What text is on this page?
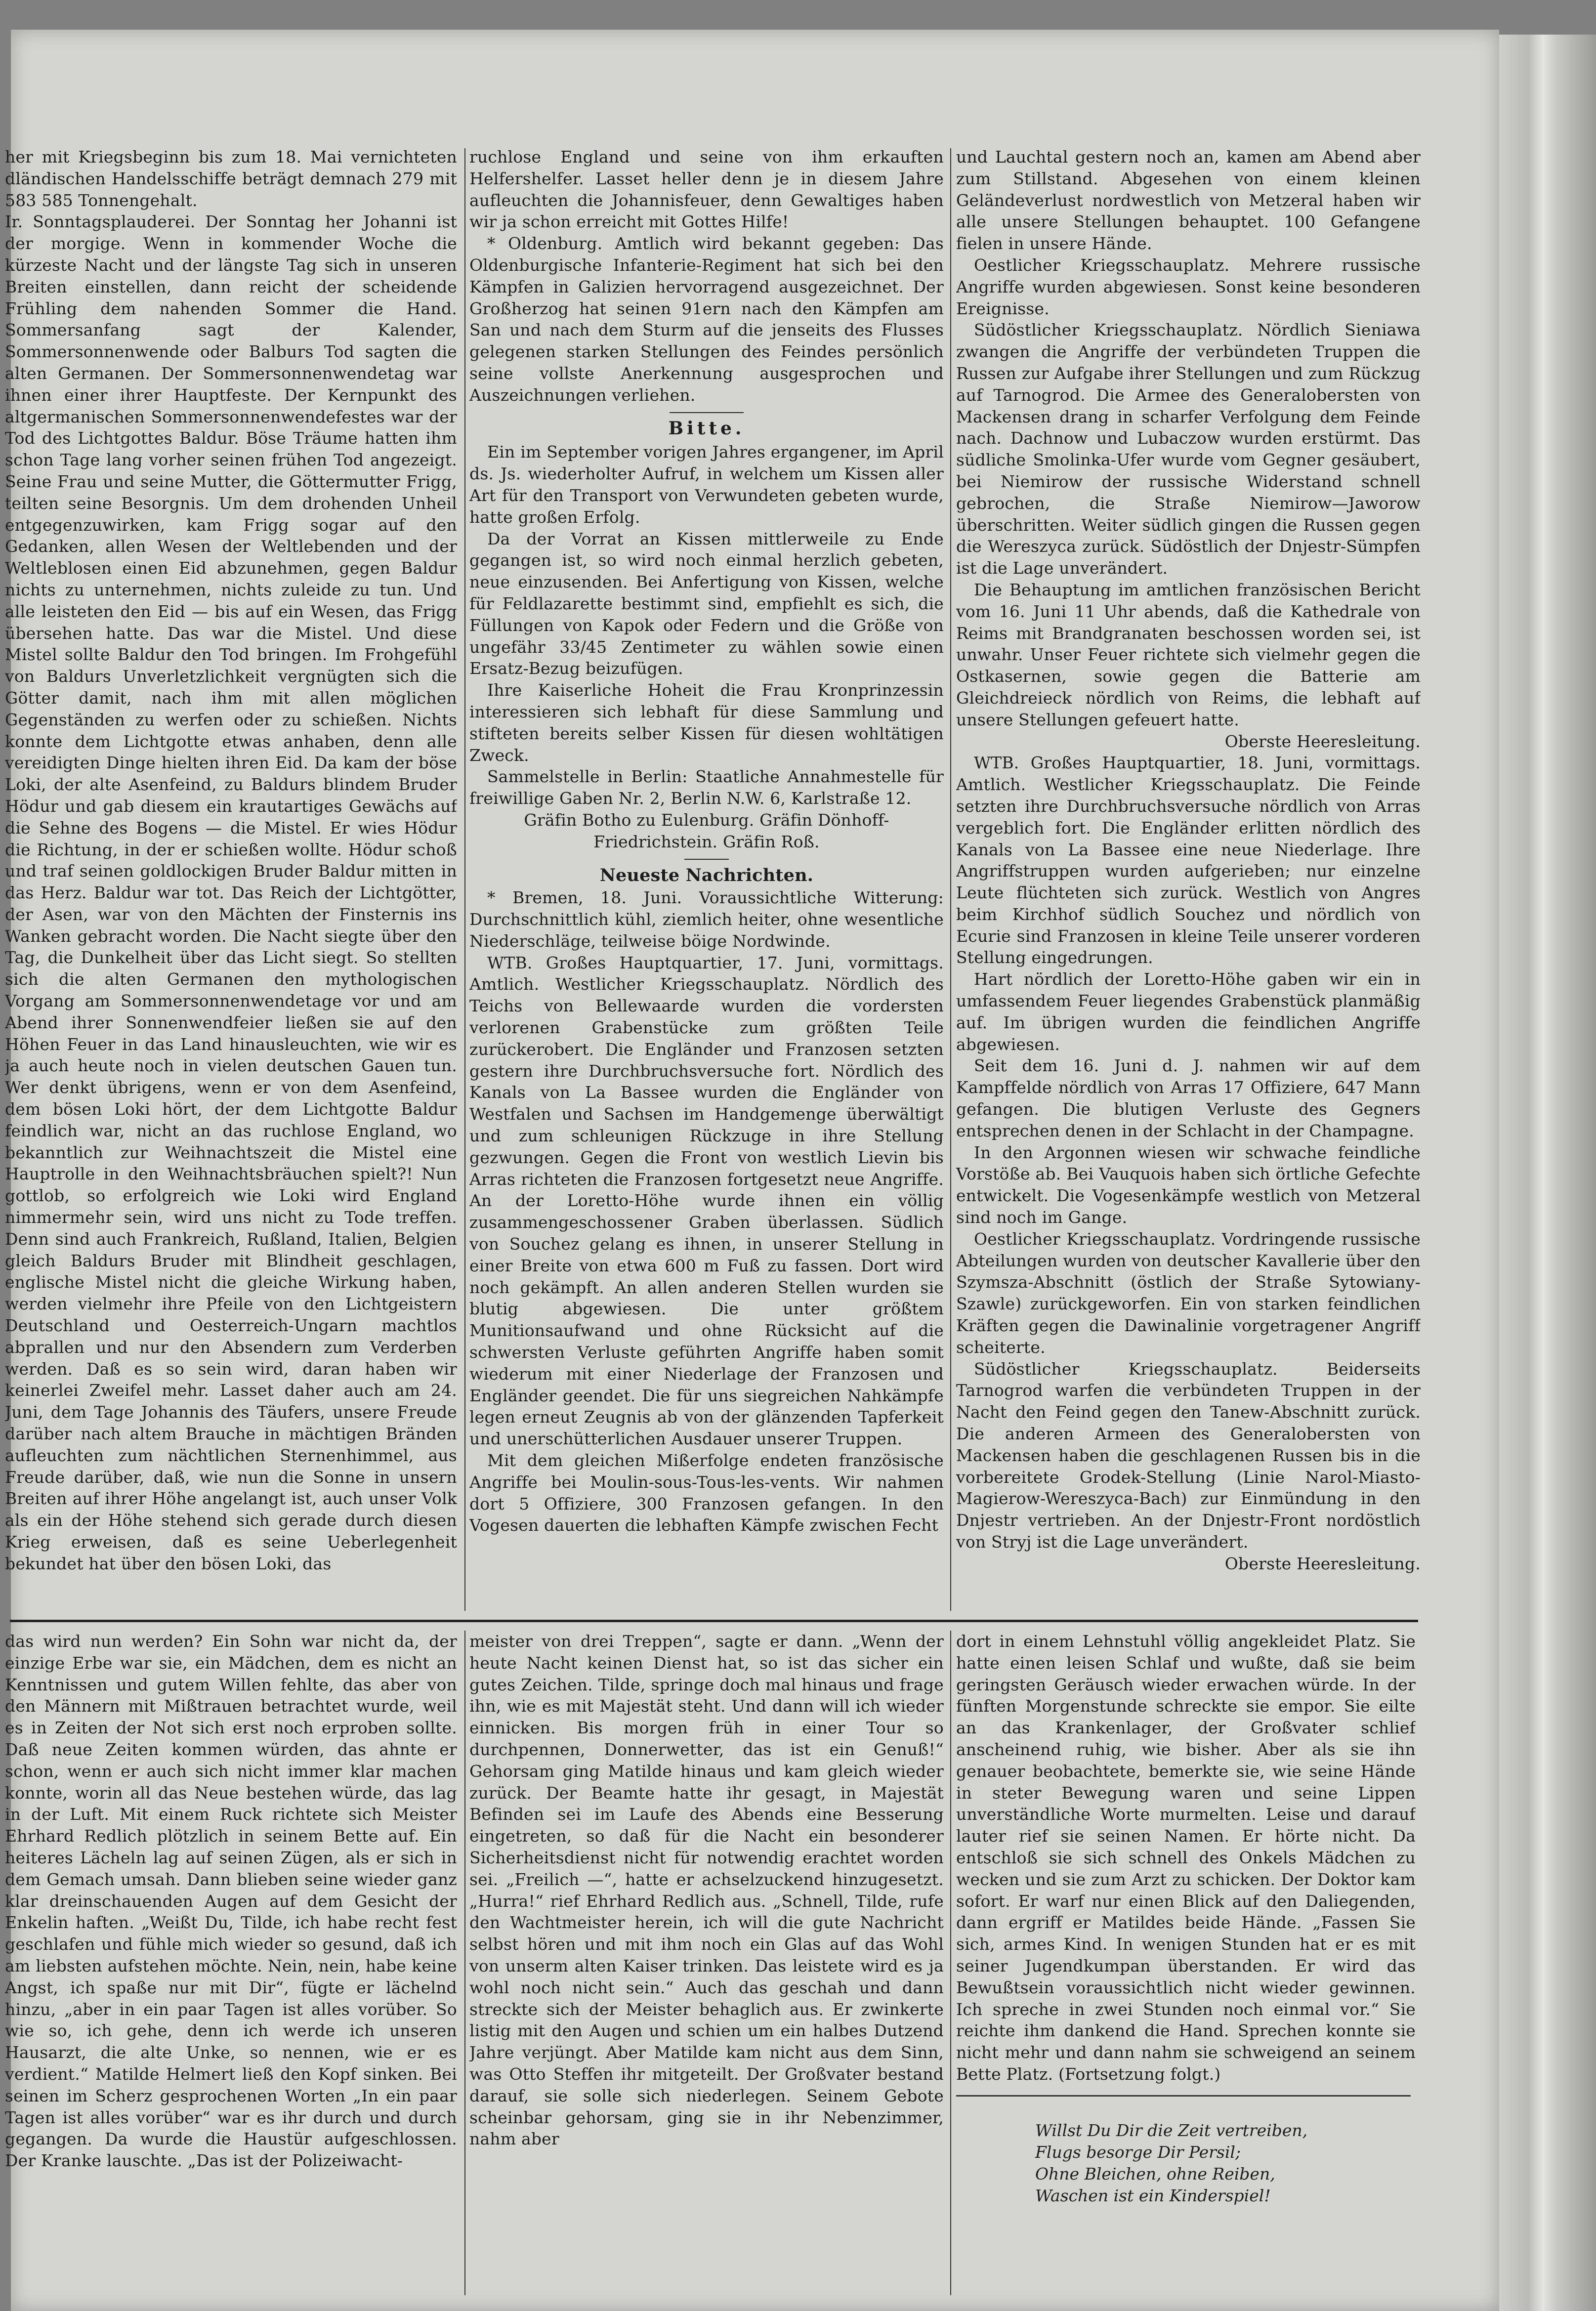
her mit Kriegsbeginn bis zum 18. Mai vernichteten dländischen Handelsschiffe beträgt demnach 279 mit 583 585 Tonnengehalt.

Ir. Sonntagsplauderei. Der Sonntag her Johanni ist der morgige. Wenn in kommender Woche die kürzeste Nacht und der längste Tag sich in unseren Breiten einstellen, dann reicht der scheidende Frühling dem nahenden Sommer die Hand. Sommersanfang sagt der Kalender, Sommersonnenwende oder Balburs Tod sagten die alten Germanen. Der Sommersonnenwendetag war ihnen einer ihrer Hauptfeste. Der Kernpunkt des altgermanischen Sommersonnenwendefestes war der Tod des Lichtgottes Baldur. Böse Träume hatten ihm schon Tage lang vorher seinen frühen Tod angezeigt. Seine Frau und seine Mutter, die Göttermutter Frigg, teilten seine Besorgnis. Um dem drohenden Unheil entgegenzuwirken, kam Frigg sogar auf den Gedanken, allen Wesen der Weltlebenden und der Weltleblosen einen Eid abzunehmen, gegen Baldur nichts zu unternehmen, nichts zuleide zu tun. Und alle leisteten den Eid — bis auf ein Wesen, das Frigg übersehen hatte. Das war die Mistel. Und diese Mistel sollte Baldur den Tod bringen. Im Frohgefühl von Baldurs Unverletzlichkeit vergnügten sich die Götter damit, nach ihm mit allen möglichen Gegenständen zu werfen oder zu schießen. Nichts konnte dem Lichtgotte etwas anhaben, denn alle vereidigten Dinge hielten ihren Eid. Da kam der böse Loki, der alte Asenfeind, zu Baldurs blindem Bruder Hödur und gab diesem ein krautartiges Gewächs auf die Sehne des Bogens — die Mistel. Er wies Hödur die Richtung, in der er schießen wollte. Hödur schoß und traf seinen goldlockigen Bruder Baldur mitten in das Herz. Baldur war tot. Das Reich der Lichtgötter, der Asen, war von den Mächten der Finsternis ins Wanken gebracht worden. Die Nacht siegte über den Tag, die Dunkelheit über das Licht siegt. So stellten sich die alten Germanen den mythologischen Vorgang am Sommersonnenwendetage vor und am Abend ihrer Sonnenwendfeier ließen sie auf den Höhen Feuer in das Land hinausleuchten, wie wir es ja auch heute noch in vielen deutschen Gauen tun. Wer denkt übrigens, wenn er von dem Asenfeind, dem bösen Loki hört, der dem Lichtgotte Baldur feindlich war, nicht an das ruchlose England, wo bekanntlich zur Weihnachtszeit die Mistel eine Hauptrolle in den Weihnachtsbräuchen spielt?! Nun gottlob, so erfolgreich wie Loki wird England nimmermehr sein, wird uns nicht zu Tode treffen. Denn sind auch Frankreich, Rußland, Italien, Belgien gleich Baldurs Bruder mit Blindheit geschlagen, englische Mistel nicht die gleiche Wirkung haben, werden vielmehr ihre Pfeile von den Lichtgeistern Deutschland und Oesterreich-Ungarn machtlos abprallen und nur den Absendern zum Verderben werden. Daß es so sein wird, daran haben wir keinerlei Zweifel mehr. Lasset daher auch am 24. Juni, dem Tage Johannis des Täufers, unsere Freude darüber nach altem Brauche in mächtigen Bränden aufleuchten zum nächtlichen Sternenhimmel, aus Freude darüber, daß, wie nun die Sonne in unsern Breiten auf ihrer Höhe angelangt ist, auch unser Volk als ein der Höhe stehend sich gerade durch diesen Krieg erweisen, daß es seine Ueberlegenheit bekundet hat über den bösen Loki, das

ruchlose England und seine von ihm erkauften Helfershelfer. Lasset heller denn je in diesem Jahre aufleuchten die Johannisfeuer, denn Gewaltiges haben wir ja schon erreicht mit Gottes Hilfe!

* Oldenburg. Amtlich wird bekannt gegeben: Das Oldenburgische Infanterie-Regiment hat sich bei den Kämpfen in Galizien hervorragend ausgezeichnet. Der Großherzog hat seinen 91ern nach den Kämpfen am San und nach dem Sturm auf die jenseits des Flusses gelegenen starken Stellungen des Feindes persönlich seine vollste Anerkennung ausgesprochen und Auszeichnungen verliehen.

Bitte.

Ein im September vorigen Jahres ergangener, im April ds. Js. wiederholter Aufruf, in welchem um Kissen aller Art für den Transport von Verwundeten gebeten wurde, hatte großen Erfolg.

Da der Vorrat an Kissen mittlerweile zu Ende gegangen ist, so wird noch einmal herzlich gebeten, neue einzusenden. Bei Anfertigung von Kissen, welche für Feldlazarette bestimmt sind, empfiehlt es sich, die Füllungen von Kapok oder Federn und die Größe von ungefähr 33/45 Zentimeter zu wählen sowie einen Ersatz-Bezug beizufügen.

Ihre Kaiserliche Hoheit die Frau Kronprinzessin interessieren sich lebhaft für diese Sammlung und stifteten bereits selber Kissen für diesen wohltätigen Zweck.

Sammelstelle in Berlin: Staatliche Annahmestelle für freiwillige Gaben Nr. 2, Berlin N.W. 6, Karlstraße 12.

Gräfin Botho zu Eulenburg. Gräfin Dönhoff-Friedrichstein. Gräfin Roß.

Neueste Nachrichten.

* Bremen, 18. Juni. Voraussichtliche Witterung: Durchschnittlich kühl, ziemlich heiter, ohne wesentliche Niederschläge, teilweise böige Nordwinde.

WTB. Großes Hauptquartier, 17. Juni, vormittags. Amtlich. Westlicher Kriegsschauplatz. Nördlich des Teichs von Bellewaarde wurden die vordersten verlorenen Grabenstücke zum größten Teile zurückerobert. Die Engländer und Franzosen setzten gestern ihre Durchbruchsversuche fort. Nördlich des Kanals von La Bassee wurden die Engländer von Westfalen und Sachsen im Handgemenge überwältigt und zum schleunigen Rückzuge in ihre Stellung gezwungen. Gegen die Front von westlich Lievin bis Arras richteten die Franzosen fortgesetzt neue Angriffe. An der Loretto-Höhe wurde ihnen ein völlig zusammengeschossener Graben überlassen. Südlich von Souchez gelang es ihnen, in unserer Stellung in einer Breite von etwa 600 m Fuß zu fassen. Dort wird noch gekämpft. An allen anderen Stellen wurden sie blutig abgewiesen. Die unter größtem Munitionsaufwand und ohne Rücksicht auf die schwersten Verluste geführten Angriffe haben somit wiederum mit einer Niederlage der Franzosen und Engländer geendet. Die für uns siegreichen Nahkämpfe legen erneut Zeugnis ab von der glänzenden Tapferkeit und unerschütterlichen Ausdauer unserer Truppen.

Mit dem gleichen Mißerfolge endeten französische Angriffe bei Moulin-sous-Tous-les-vents. Wir nahmen dort 5 Offiziere, 300 Franzosen gefangen. In den Vogesen dauerten die lebhaften Kämpfe zwischen Fecht

und Lauchtal gestern noch an, kamen am Abend aber zum Stillstand. Abgesehen von einem kleinen Geländeverlust nordwestlich von Metzeral haben wir alle unsere Stellungen behauptet. 100 Gefangene fielen in unsere Hände.

Oestlicher Kriegsschauplatz. Mehrere russische Angriffe wurden abgewiesen. Sonst keine besonderen Ereignisse.

Südöstlicher Kriegsschauplatz. Nördlich Sieniawa zwangen die Angriffe der verbündeten Truppen die Russen zur Aufgabe ihrer Stellungen und zum Rückzug auf Tarnogrod. Die Armee des Generalobersten von Mackensen drang in scharfer Verfolgung dem Feinde nach. Dachnow und Lubaczow wurden erstürmt. Das südliche Smolinka-Ufer wurde vom Gegner gesäubert, bei Niemirow der russische Widerstand schnell gebrochen, die Straße Niemirow—Jaworow überschritten. Weiter südlich gingen die Russen gegen die Wereszyca zurück. Südöstlich der Dnjestr-Sümpfen ist die Lage unverändert.

Die Behauptung im amtlichen französischen Bericht vom 16. Juni 11 Uhr abends, daß die Kathedrale von Reims mit Brandgranaten beschossen worden sei, ist unwahr. Unser Feuer richtete sich vielmehr gegen die Ostkasernen, sowie gegen die Batterie am Gleichdreieck nördlich von Reims, die lebhaft auf unsere Stellungen gefeuert hatte.

Oberste Heeresleitung.

WTB. Großes Hauptquartier, 18. Juni, vormittags. Amtlich. Westlicher Kriegsschauplatz. Die Feinde setzten ihre Durchbruchsversuche nördlich von Arras vergeblich fort. Die Engländer erlitten nördlich des Kanals von La Bassee eine neue Niederlage. Ihre Angriffstruppen wurden aufgerieben; nur einzelne Leute flüchteten sich zurück. Westlich von Angres beim Kirchhof südlich Souchez und nördlich von Ecurie sind Franzosen in kleine Teile unserer vorderen Stellung eingedrungen.

Hart nördlich der Loretto-Höhe gaben wir ein in umfassendem Feuer liegendes Grabenstück planmäßig auf. Im übrigen wurden die feindlichen Angriffe abgewiesen.

Seit dem 16. Juni d. J. nahmen wir auf dem Kampffelde nördlich von Arras 17 Offiziere, 647 Mann gefangen. Die blutigen Verluste des Gegners entsprechen denen in der Schlacht in der Champagne.

In den Argonnen wiesen wir schwache feindliche Vorstöße ab. Bei Vauquois haben sich örtliche Gefechte entwickelt. Die Vogesenkämpfe westlich von Metzeral sind noch im Gange.

Oestlicher Kriegsschauplatz. Vordringende russische Abteilungen wurden von deutscher Kavallerie über den Szymsza-Abschnitt (östlich der Straße Sytowiany-Szawle) zurückgeworfen. Ein von starken feindlichen Kräften gegen die Dawinalinie vorgetragener Angriff scheiterte.

Südöstlicher Kriegsschauplatz. Beiderseits Tarnogrod warfen die verbündeten Truppen in der Nacht den Feind gegen den Tanew-Abschnitt zurück. Die anderen Armeen des Generalobersten von Mackensen haben die geschlagenen Russen bis in die vorbereitete Grodek-Stellung (Linie Narol-Miasto-Magierow-Wereszyca-Bach) zur Einmündung in den Dnjestr vertrieben. An der Dnjestr-Front nordöstlich von Stryj ist die Lage unverändert.

Oberste Heeresleitung.

das wird nun werden? Ein Sohn war nicht da, der einzige Erbe war sie, ein Mädchen, dem es nicht an Kenntnissen und gutem Willen fehlte, das aber von den Männern mit Mißtrauen betrachtet wurde, weil es in Zeiten der Not sich erst noch erproben sollte. Daß neue Zeiten kommen würden, das ahnte er schon, wenn er auch sich nicht immer klar machen konnte, worin all das Neue bestehen würde, das lag in der Luft. Mit einem Ruck richtete sich Meister Ehrhard Redlich plötzlich in seinem Bette auf. Ein heiteres Lächeln lag auf seinen Zügen, als er sich in dem Gemach umsah. Dann blieben seine wieder ganz klar dreinschauenden Augen auf dem Gesicht der Enkelin haften. „Weißt Du, Tilde, ich habe recht fest geschlafen und fühle mich wieder so gesund, daß ich am liebsten aufstehen möchte. Nein, nein, habe keine Angst, ich spaße nur mit Dir“, fügte er lächelnd hinzu, „aber in ein paar Tagen ist alles vorüber. So wie so, ich gehe, denn ich werde ich unseren Hausarzt, die alte Unke, so nennen, wie er es verdient.“ Matilde Helmert ließ den Kopf sinken. Bei seinen im Scherz gesprochenen Worten „In ein paar Tagen ist alles vorüber“ war es ihr durch und durch gegangen. Da wurde die Haustür aufgeschlossen. Der Kranke lauschte. „Das ist der Polizeiwacht-

meister von drei Treppen“, sagte er dann. „Wenn der heute Nacht keinen Dienst hat, so ist das sicher ein gutes Zeichen. Tilde, springe doch mal hinaus und frage ihn, wie es mit Majestät steht. Und dann will ich wieder einnicken. Bis morgen früh in einer Tour so durchpennen, Donnerwetter, das ist ein Genuß!“ Gehorsam ging Matilde hinaus und kam gleich wieder zurück. Der Beamte hatte ihr gesagt, in Majestät Befinden sei im Laufe des Abends eine Besserung eingetreten, so daß für die Nacht ein besonderer Sicherheitsdienst nicht für notwendig erachtet worden sei. „Freilich —“, hatte er achselzuckend hinzugesetzt. „Hurra!“ rief Ehrhard Redlich aus. „Schnell, Tilde, rufe den Wachtmeister herein, ich will die gute Nachricht selbst hören und mit ihm noch ein Glas auf das Wohl von unserm alten Kaiser trinken. Das leistete wird es ja wohl noch nicht sein.“ Auch das geschah und dann streckte sich der Meister behaglich aus. Er zwinkerte listig mit den Augen und schien um ein halbes Dutzend Jahre verjüngt. Aber Matilde kam nicht aus dem Sinn, was Otto Steffen ihr mitgeteilt. Der Großvater bestand darauf, sie solle sich niederlegen. Seinem Gebote scheinbar gehorsam, ging sie in ihr Nebenzimmer, nahm aber

dort in einem Lehnstuhl völlig angekleidet Platz. Sie hatte einen leisen Schlaf und wußte, daß sie beim geringsten Geräusch wieder erwachen würde. In der fünften Morgenstunde schreckte sie empor. Sie eilte an das Krankenlager, der Großvater schlief anscheinend ruhig, wie bisher. Aber als sie ihn genauer beobachtete, bemerkte sie, wie seine Hände in steter Bewegung waren und seine Lippen unverständliche Worte murmelten. Leise und darauf lauter rief sie seinen Namen. Er hörte nicht. Da entschloß sie sich schnell des Onkels Mädchen zu wecken und sie zum Arzt zu schicken. Der Doktor kam sofort. Er warf nur einen Blick auf den Daliegenden, dann ergriff er Matildes beide Hände. „Fassen Sie sich, armes Kind. In wenigen Stunden hat er es mit seiner Jugendkumpan überstanden. Er wird das Bewußtsein voraussichtlich nicht wieder gewinnen. Ich spreche in zwei Stunden noch einmal vor.“ Sie reichte ihm dankend die Hand. Sprechen konnte sie nicht mehr und dann nahm sie schweigend an seinem Bette Platz. (Fortsetzung folgt.)

Willst Du Dir die Zeit vertreiben,

Flugs besorge Dir Persil;

Ohne Bleichen, ohne Reiben,

Waschen ist ein Kinderspiel!
